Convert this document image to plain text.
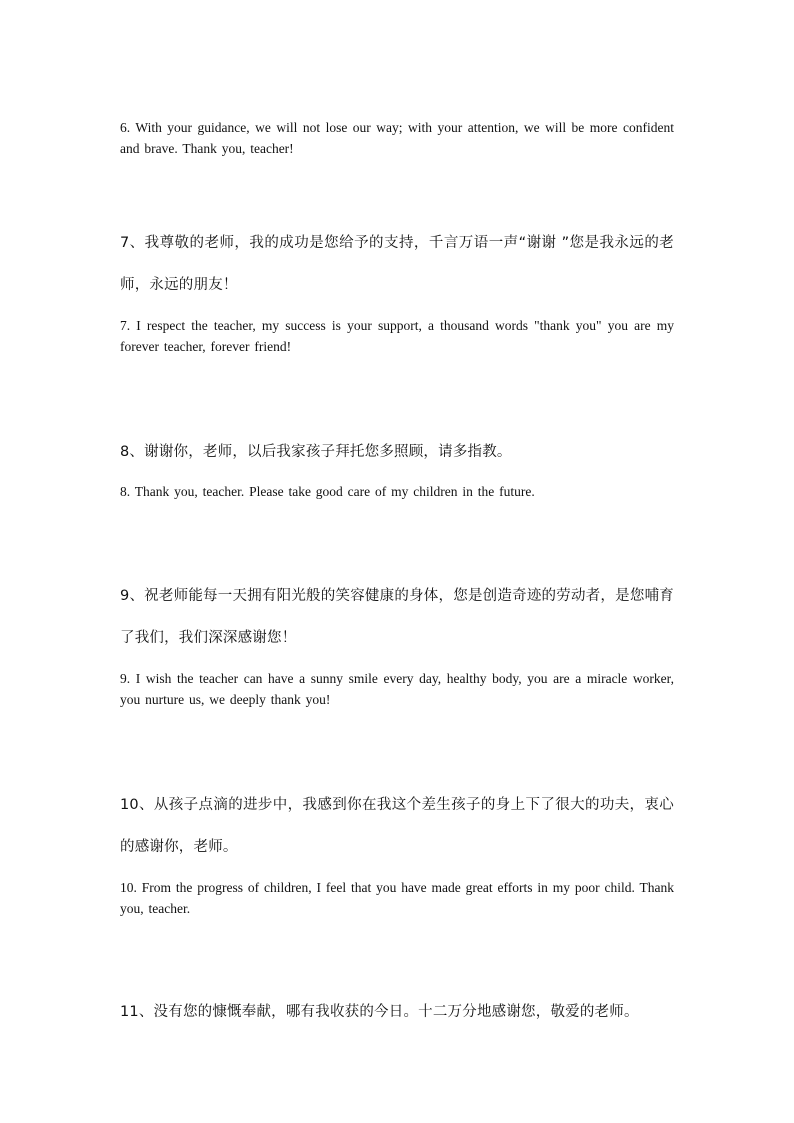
6. With your guidance, we will not lose our way; with your attention, we will be more confident and brave. Thank you, teacher!

7、我尊敬的老师，我的成功是您给予的支持，千言万语一声“谢谢 ”您是我永远的老师，永远的朋友！

7. I respect the teacher, my success is your support, a thousand words "thank you" you are my forever teacher, forever friend!

8、谢谢你，老师，以后我家孩子拜托您多照顾，请多指教。

8. Thank you, teacher. Please take good care of my children in the future.

9、祝老师能每一天拥有阳光般的笑容健康的身体，您是创造奇迹的劳动者，是您哺育了我们，我们深深感谢您！

9. I wish the teacher can have a sunny smile every day, healthy body, you are a miracle worker, you nurture us, we deeply thank you!

10、从孩子点滴的进步中，我感到你在我这个差生孩子的身上下了很大的功夫，衷心的感谢你，老师。

10. From the progress of children, I feel that you have made great efforts in my poor child. Thank you, teacher.

11、没有您的慷慨奉献，哪有我收获的今日。十二万分地感谢您，敬爱的老师。
